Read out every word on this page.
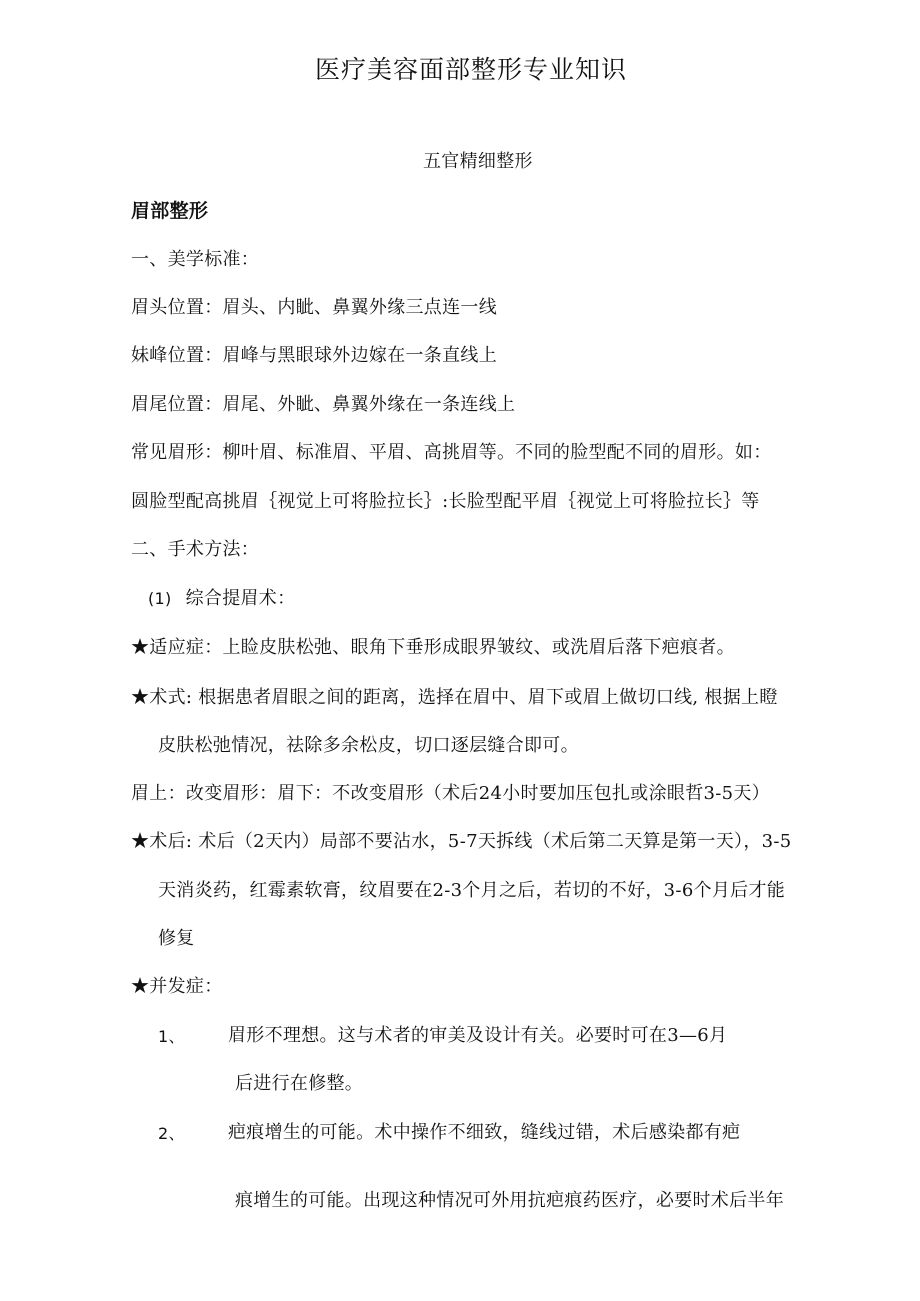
医疗美容面部整形专业知识
五官精细整形
眉部整形
一、美学标准：
眉头位置：眉头、内眦、鼻翼外缘三点连一线
妹峰位置：眉峰与黑眼球外边嫁在一条直线上
眉尾位置：眉尾、外眦、鼻翼外缘在一条连线上
常见眉形：柳叶眉、标准眉、平眉、高挑眉等。不同的脸型配不同的眉形。如：
圆脸型配高挑眉｛视觉上可将脸拉长｝:长脸型配平眉｛视觉上可将脸拉长｝等
二、手术方法：
(1) 综合提眉术：
★适应症：上睑皮肤松弛、眼角下垂形成眼界皱纹、或洗眉后落下疤痕者。
★术式: 根据患者眉眼之间的距离，选择在眉中、眉下或眉上做切口线, 根据上瞪
皮肤松弛情况，祛除多余松皮，切口逐层缝合即可。
眉上：改变眉形：眉下：不改变眉形（术后24小时要加压包扎或涂眼哲3-5天）
★术后: 术后（2天内）局部不要沾水，5-7天拆线（术后第二天算是第一天），3-5
天消炎药，红霉素软膏，纹眉要在2-3个月之后，若切的不好，3-6个月后才能
修复
★并发症：
1、 眉形不理想。这与术者的审美及设计有关。必要时可在3—6月
后进行在修整。
2、 疤痕增生的可能。术中操作不细致，缝线过错，术后感染都有疤
痕增生的可能。出现这种情况可外用抗疤痕药医疗，必要时术后半年
